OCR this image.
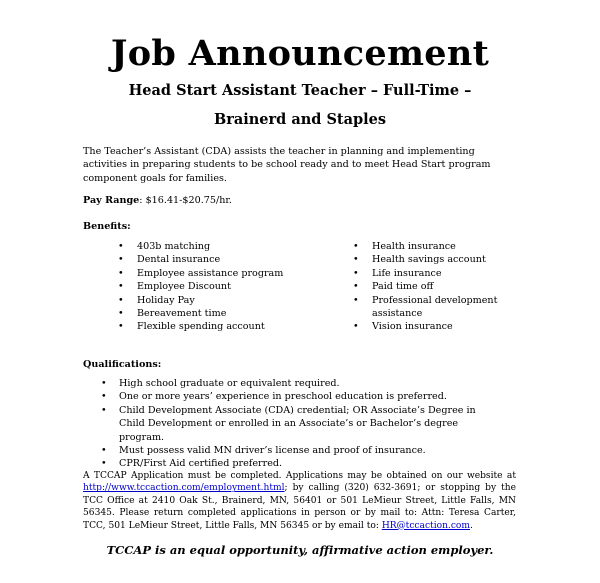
Job Announcement
Head Start Assistant Teacher – Full-Time –
Brainerd and Staples
The Teacher’s Assistant (CDA) assists the teacher in planning and implementing activities in preparing students to be school ready and to meet Head Start program component goals for families.
Pay Range: $16.41-$20.75/hr.
Benefits:
• 403b matching
• Dental insurance
• Employee assistance program
• Employee Discount
• Holiday Pay
• Bereavement time
• Flexible spending account
• Health insurance
• Health savings account
• Life insurance
• Paid time off
• Professional development assistance
• Vision insurance
Qualifications:
• High school graduate or equivalent required.
• One or more years’ experience in preschool education is preferred.
• Child Development Associate (CDA) credential; OR Associate’s Degree in Child Development or enrolled in an Associate’s or Bachelor’s degree program.
• Must possess valid MN driver’s license and proof of insurance.
• CPR/First Aid certified preferred.
A TCCAP Application must be completed. Applications may be obtained on our website at http://www.tccaction.com/employment.html; by calling (320) 632-3691; or stopping by the TCC Office at 2410 Oak St., Brainerd, MN, 56401 or 501 LeMieur Street, Little Falls, MN 56345. Please return completed applications in person or by mail to: Attn: Teresa Carter, TCC, 501 LeMieur Street, Little Falls, MN 56345 or by email to: HR@tccaction.com.
TCCAP is an equal opportunity, affirmative action employer.
